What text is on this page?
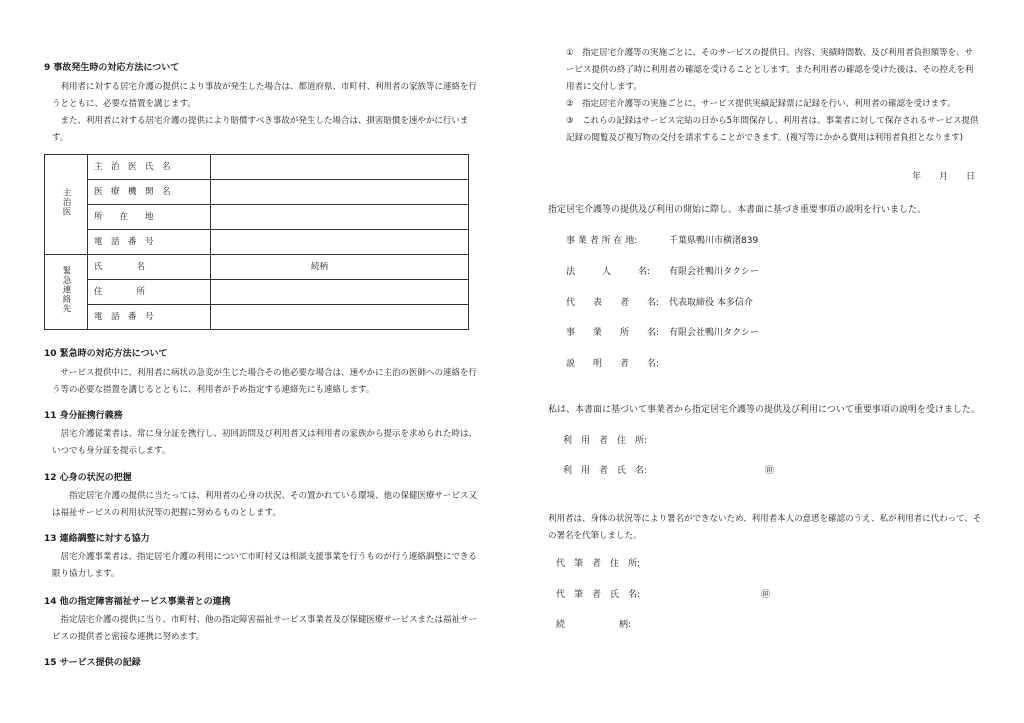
9 事故発生時の対応方法について
　利用者に対する居宅介護の提供により事故が発生した場合は、都道府県、市町村、利用者の家族等に連絡を行うとともに、必要な措置を講じます。
　また、利用者に対する居宅介護の提供により賠償すべき事故が発生した場合は、損害賠償を速やかに行います。
主治医	主　治　医　氏　名	
	医　療　機　関　名	
	所　　在　　地	
	電　話　番　号	
緊急連絡先	氏　　　　名	続柄
	住　　　　所	
	電　話　番　号	
10 緊急時の対応方法について
　サービス提供中に、利用者に病状の急変が生じた場合その他必要な場合は、速やかに主治の医師への連絡を行う等の必要な措置を講じるとともに、利用者が予め指定する連絡先にも連絡します。
11 身分証携行義務
　居宅介護従業者は、常に身分証を携行し、初回訪問及び利用者又は利用者の家族から提示を求められた時は、いつでも身分証を提示します。
12 心身の状況の把握
　　指定居宅介護の提供に当たっては、利用者の心身の状況、その置かれている環境、他の保健医療サービス又は福祉サービスの利用状況等の把握に努めるものとします。
13 連絡調整に対する協力
　居宅介護事業者は、指定居宅介護の利用について市町村又は相談支援事業を行うものが行う連絡調整にできる限り協力します。
14 他の指定障害福祉サービス事業者との連携
　指定居宅介護の提供に当り、市町村、他の指定障害福祉サービス事業者及び保健医療サービスまたは福祉サービスの提供者と密接な連携に努めます。
15 サービス提供の記録
①　指定居宅介護等の実施ごとに、そのサービスの提供日、内容、実績時間数、及び利用者負担額等を、サービス提供の終了時に利用者の確認を受けることとします。また利用者の確認を受けた後は、その控えを利用者に交付します。
②　指定居宅介護等の実施ごとに、サービス提供実績記録票に記録を行い、利用者の確認を受けます。
③　これらの記録はサービス完結の日から5年間保存し、利用者は、事業者に対して保存されるサービス提供記録の閲覧及び複写物の交付を請求することができます。(複写等にかかる費用は利用者負担となります)
年　　月　　日
指定居宅介護等の提供及び利用の開始に際し、本書面に基づき重要事項の説明を行いました。
事 業 者 所 在 地:	千葉県鴨川市横渚839
法　　　人　　　名: 有限会社鴨川タクシー
代　　表　　者　　名: 代表取締役 本多信介
事　　業　　所　　名: 有限会社鴨川タクシー
説　　明　　者　　名:
私は、本書面に基づいて事業者から指定居宅介護等の提供及び利用について重要事項の説明を受けました。
利　用　者　住　所:
利　用　者　氏　名:	㊞
利用者は、身体の状況等により署名ができないため、利用者本人の意思を確認のうえ、私が利用者に代わって、その署名を代筆しました。
代　筆　者　住　所:
代　筆　者　氏　名:	㊞
続　　　　　　柄:
